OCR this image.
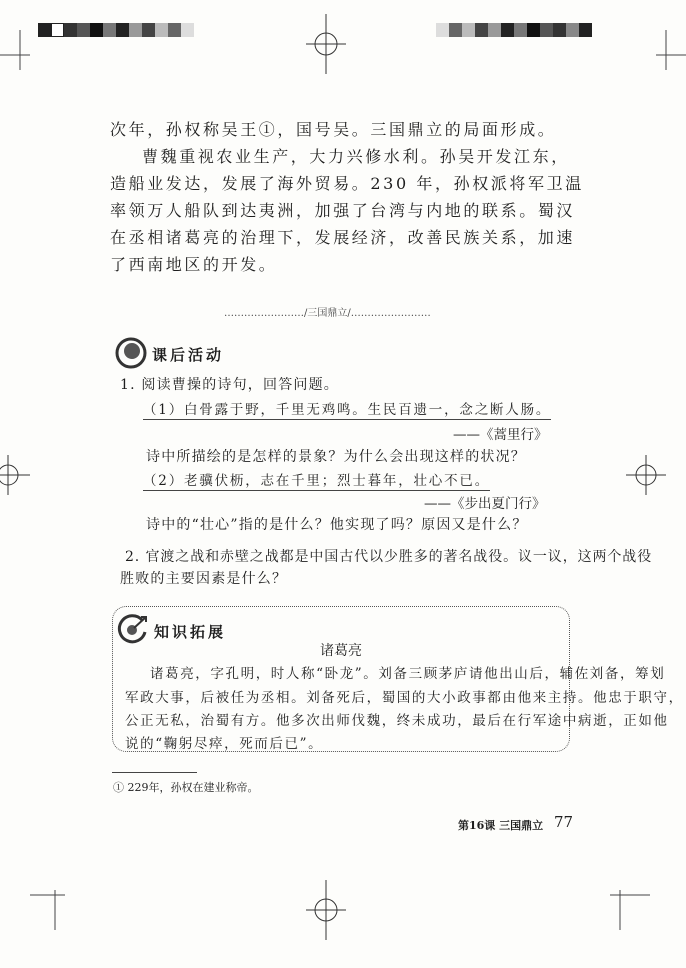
次年，孙权称吴王①，国号吴。三国鼎立的局面形成。
曹魏重视农业生产，大力兴修水利。孙吴开发江东，
造船业发达，发展了海外贸易。230 年，孙权派将军卫温
率领万人船队到达夷洲，加强了台湾与内地的联系。蜀汉
在丞相诸葛亮的治理下，发展经济，改善民族关系，加速
了西南地区的开发。
……………………/三国鼎立/……………………
课后活动
1. 阅读曹操的诗句，回答问题。
（1）白骨露于野，千里无鸡鸣。生民百遗一，念之断人肠。
——《蒿里行》
诗中所描绘的是怎样的景象？为什么会出现这样的状况？
（2）老骥伏枥，志在千里；烈士暮年，壮心不已。
——《步出夏门行》
诗中的“壮心”指的是什么？他实现了吗？原因又是什么？
2. 官渡之战和赤壁之战都是中国古代以少胜多的著名战役。议一议，这两个战役
胜败的主要因素是什么？
知识拓展
诸葛亮
诸葛亮，字孔明，时人称“卧龙”。刘备三顾茅庐请他出山后，辅佐刘备，筹划
军政大事，后被任为丞相。刘备死后，蜀国的大小政事都由他来主持。他忠于职守，
公正无私，治蜀有方。他多次出师伐魏，终未成功，最后在行军途中病逝，正如他
说的“鞠躬尽瘁，死而后已”。
① 229年，孙权在建业称帝。
第16课 三国鼎立 77
